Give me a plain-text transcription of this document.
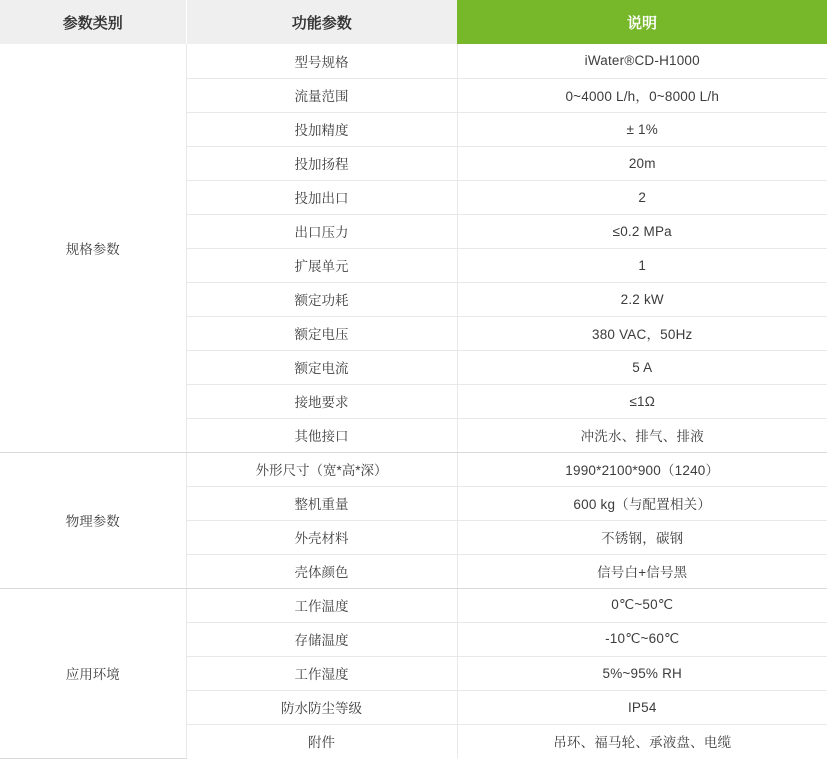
参数类别	功能参数	说明
规格参数	型号规格	iWater®CD-H1000
	流量范围	0~4000 L/h，0~8000 L/h
	投加精度	± 1%
	投加扬程	20m
	投加出口	2
	出口压力	≤0.2 MPa
	扩展单元	1
	额定功耗	2.2 kW
	额定电压	380 VAC，50Hz
	额定电流	5 A
	接地要求	≤1Ω
	其他接口	冲洗水、排气、排液
物理参数	外形尺寸（宽*高*深）	1990*2100*900（1240）
	整机重量	600 kg（与配置相关）
	外壳材料	不锈钢，碳钢
	壳体颜色	信号白+信号黑
应用环境	工作温度	0℃~50℃
	存储温度	-10℃~60℃
	工作湿度	5%~95% RH
	防水防尘等级	IP54
	附件	吊环、福马轮、承液盘、电缆
